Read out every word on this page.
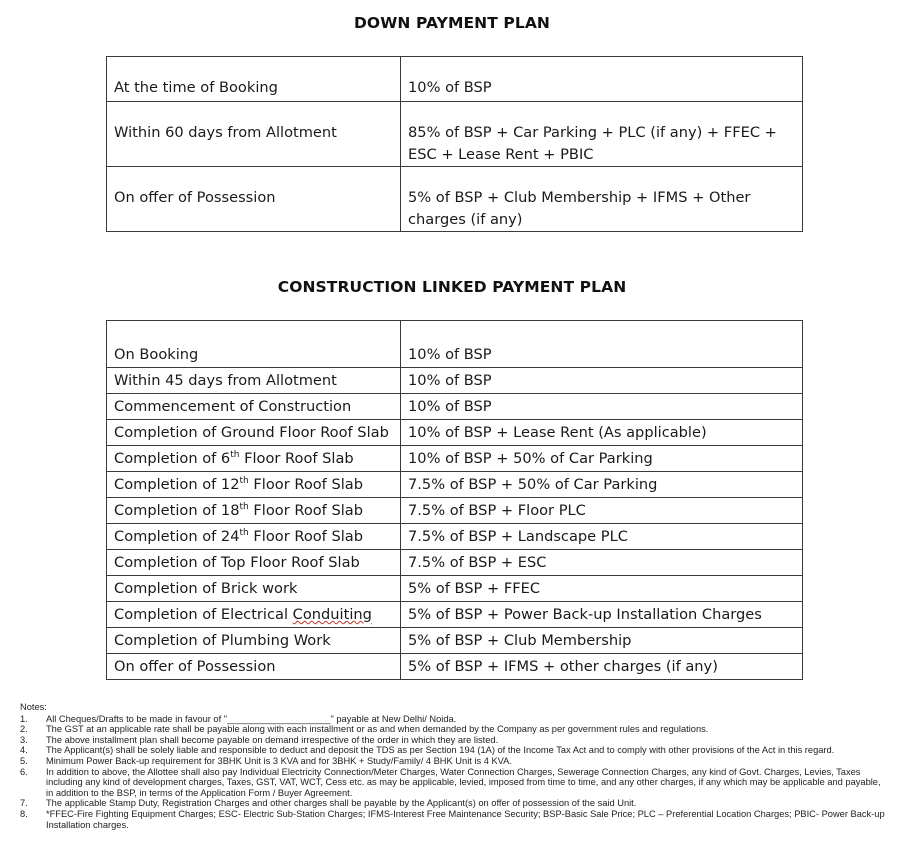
DOWN PAYMENT PLAN
At the time of Booking	10% of BSP
Within 60 days from Allotment	85% of BSP + Car Parking + PLC (if any) + FFEC + ESC + Lease Rent + PBIC
On offer of Possession	5% of BSP + Club Membership + IFMS + Other charges (if any)
CONSTRUCTION LINKED PAYMENT PLAN
On Booking	10% of BSP
Within 45 days from Allotment	10% of BSP
Commencement of Construction	10% of BSP
Completion of Ground Floor Roof Slab	10% of BSP + Lease Rent (As applicable)
Completion of 6th Floor Roof Slab	10% of BSP + 50% of Car Parking
Completion of 12th Floor Roof Slab	7.5% of BSP + 50% of Car Parking
Completion of 18th Floor Roof Slab	7.5% of BSP + Floor PLC
Completion of 24th Floor Roof Slab	7.5% of BSP + Landscape PLC
Completion of Top Floor Roof Slab	7.5% of BSP + ESC
Completion of Brick work	5% of BSP + FFEC
Completion of Electrical Conduiting	5% of BSP + Power Back-up Installation Charges
Completion of Plumbing Work	5% of BSP + Club Membership
On offer of Possession	5% of BSP + IFMS + other charges (if any)
Notes:
1.	All Cheques/Drafts to be made in favour of "____________________" payable at New Delhi/ Noida.
2.	The GST at an applicable rate shall be payable along with each installment or as and when demanded by the Company as per government rules and regulations.
3.	The above installment plan shall become payable on demand irrespective of the order in which they are listed.
4.	The Applicant(s) shall be solely liable and responsible to deduct and deposit the TDS as per Section 194 (1A) of the Income Tax Act and to comply with other provisions of the Act in this regard.
5.	Minimum Power Back-up requirement for 3BHK Unit is 3 KVA and for 3BHK + Study/Family/ 4 BHK Unit is 4 KVA.
6.	In addition to above, the Allottee shall also pay Individual Electricity Connection/Meter Charges, Water Connection Charges, Sewerage Connection Charges, any kind of Govt. Charges, Levies, Taxes including any kind of development charges, Taxes, GST, VAT, WCT, Cess etc. as may be applicable, levied, imposed from time to time, and any other charges, if any which may be applicable and payable, in addition to the BSP, in terms of the Application Form / Buyer Agreement.
7.	The applicable Stamp Duty, Registration Charges and other charges shall be payable by the Applicant(s) on offer of possession of the said Unit.
8.	*FFEC-Fire Fighting Equipment Charges; ESC- Electric Sub-Station Charges; IFMS-Interest Free Maintenance Security; BSP-Basic Sale Price; PLC – Preferential Location Charges; PBIC- Power Back-up Installation charges.
